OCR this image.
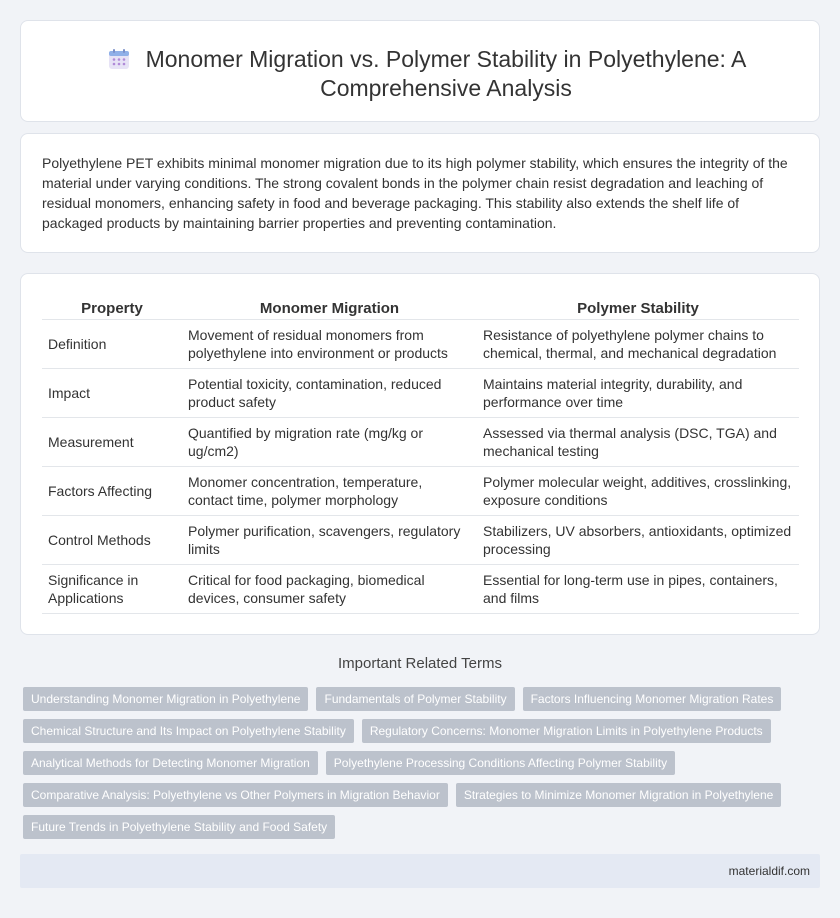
Monomer Migration vs. Polymer Stability in Polyethylene: A Comprehensive Analysis

Polyethylene PET exhibits minimal monomer migration due to its high polymer stability, which ensures the integrity of the material under varying conditions. The strong covalent bonds in the polymer chain resist degradation and leaching of residual monomers, enhancing safety in food and beverage packaging. This stability also extends the shelf life of packaged products by maintaining barrier properties and preventing contamination.

Property	Monomer Migration	Polymer Stability
Definition	Movement of residual monomers from polyethylene into environment or products	Resistance of polyethylene polymer chains to chemical, thermal, and mechanical degradation
Impact	Potential toxicity, contamination, reduced product safety	Maintains material integrity, durability, and performance over time
Measurement	Quantified by migration rate (mg/kg or ug/cm2)	Assessed via thermal analysis (DSC, TGA) and mechanical testing
Factors Affecting	Monomer concentration, temperature, contact time, polymer morphology	Polymer molecular weight, additives, crosslinking, exposure conditions
Control Methods	Polymer purification, scavengers, regulatory limits	Stabilizers, UV absorbers, antioxidants, optimized processing
Significance in Applications	Critical for food packaging, biomedical devices, consumer safety	Essential for long-term use in pipes, containers, and films
Important Related Terms
Understanding Monomer Migration in Polyethylene	Fundamentals of Polymer Stability	Factors Influencing Monomer Migration Rates
Chemical Structure and Its Impact on Polyethylene Stability	Regulatory Concerns: Monomer Migration Limits in Polyethylene Products
Analytical Methods for Detecting Monomer Migration	Polyethylene Processing Conditions Affecting Polymer Stability
Comparative Analysis: Polyethylene vs Other Polymers in Migration Behavior	Strategies to Minimize Monomer Migration in Polyethylene
Future Trends in Polyethylene Stability and Food Safety
materialdif.com
